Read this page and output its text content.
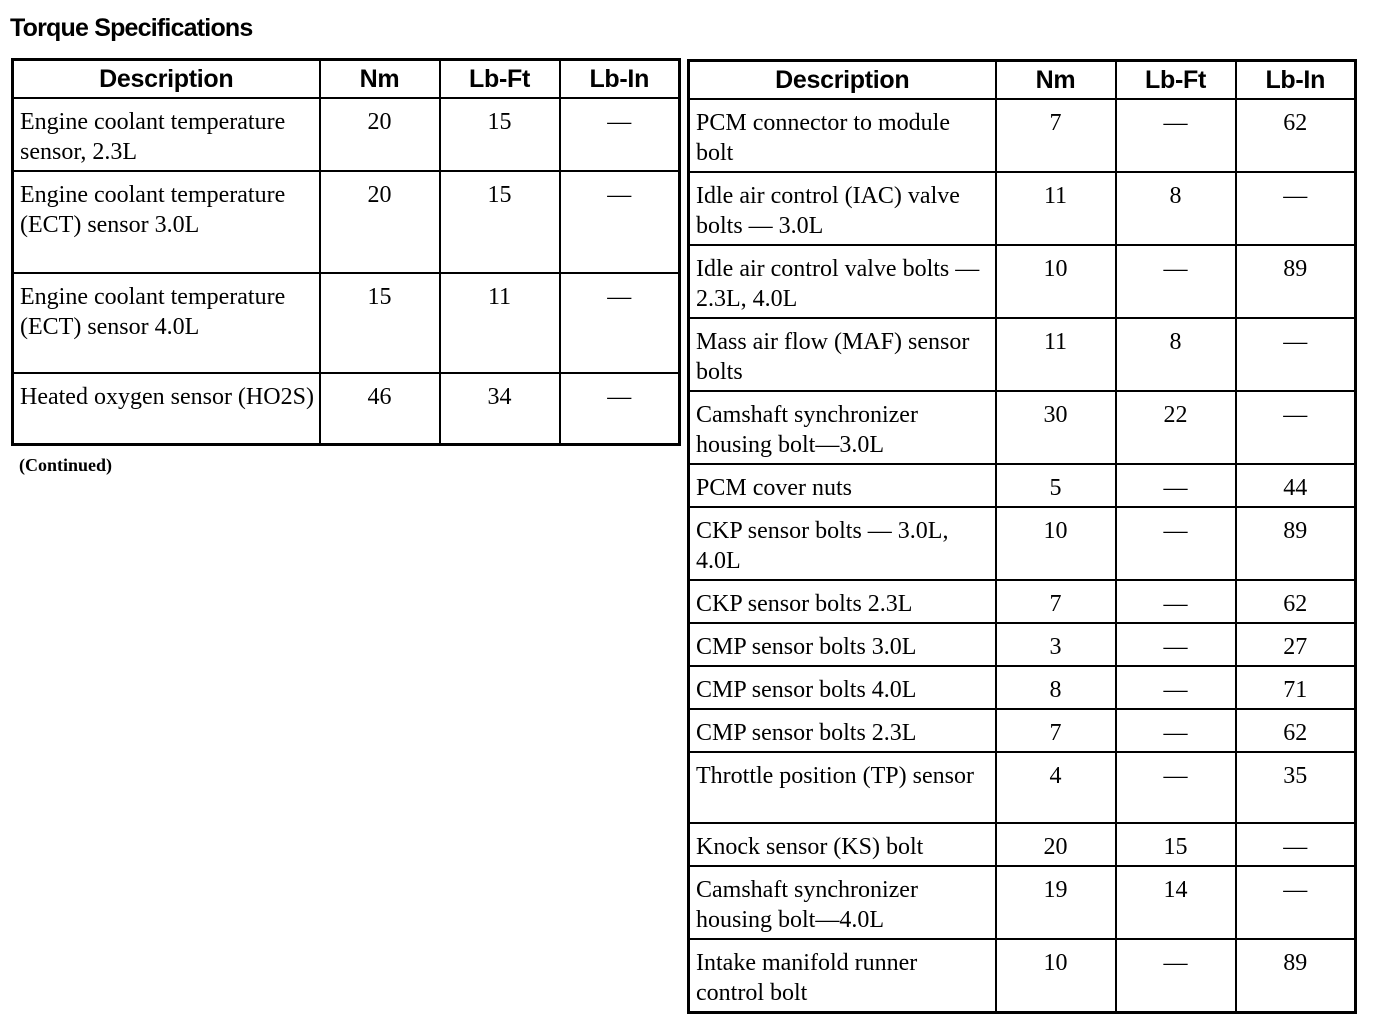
Torque Specifications
Description	Nm	Lb-Ft	Lb-In
Engine coolant temperature sensor, 2.3L	20	15	—
Engine coolant temperature (ECT) sensor 3.0L	20	15	—
Engine coolant temperature (ECT) sensor 4.0L	15	11	—
Heated oxygen sensor (HO2S)	46	34	—
(Continued)
Description	Nm	Lb-Ft	Lb-In
PCM connector to module bolt	7	—	62
Idle air control (IAC) valve bolts — 3.0L	11	8	—
Idle air control valve bolts — 2.3L, 4.0L	10	—	89
Mass air flow (MAF) sensor bolts	11	8	—
Camshaft synchronizer housing bolt—3.0L	30	22	—
PCM cover nuts	5	—	44
CKP sensor bolts — 3.0L, 4.0L	10	—	89
CKP sensor bolts 2.3L	7	—	62
CMP sensor bolts 3.0L	3	—	27
CMP sensor bolts 4.0L	8	—	71
CMP sensor bolts 2.3L	7	—	62
Throttle position (TP) sensor	4	—	35
Knock sensor (KS) bolt	20	15	—
Camshaft synchronizer housing bolt—4.0L	19	14	—
Intake manifold runner control bolt	10	—	89
